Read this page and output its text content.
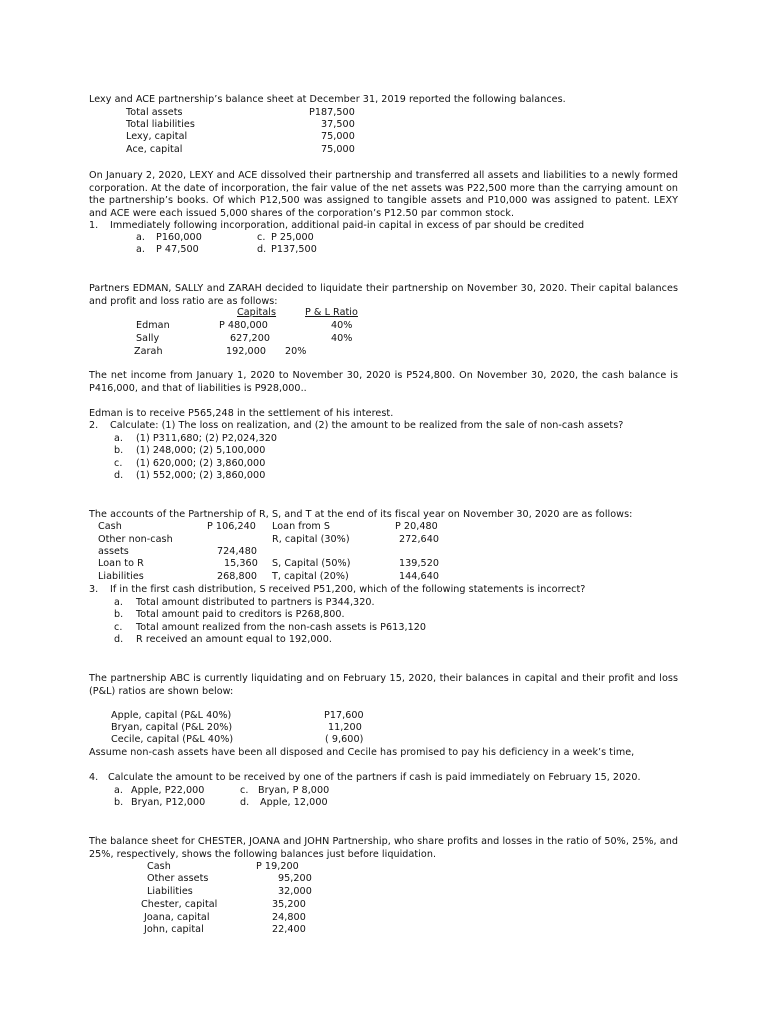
Lexy and ACE partnership’s balance sheet at December 31, 2019 reported the following balances.
Total assets	P187,500
Total liabilities	37,500
Lexy, capital	75,000
Ace, capital	75,000
On January 2, 2020, LEXY and ACE dissolved their partnership and transferred all assets and liabilities to a newly formed corporation. At the date of incorporation, the fair value of the net assets was P22,500 more than the carrying amount on the partnership’s books. Of which P12,500 was assigned to tangible assets and P10,000 was assigned to patent. LEXY and ACE were each issued 5,000 shares of the corporation’s P12.50 par common stock.
1. Immediately following incorporation, additional paid-in capital in excess of par should be credited
a. P160,000	c. P 25,000
a. P 47,500	d. P137,500
Partners EDMAN, SALLY and ZARAH decided to liquidate their partnership on November 30, 2020. Their capital balances and profit and loss ratio are as follows:
Capitals	P & L Ratio
Edman	P 480,000	40%
Sally	627,200	40%
Zarah	192,000 20%
The net income from January 1, 2020 to November 30, 2020 is P524,800. On November 30, 2020, the cash balance is P416,000, and that of liabilities is P928,000..
Edman is to receive P565,248 in the settlement of his interest.
2. Calculate: (1) The loss on realization, and (2) the amount to be realized from the sale of non-cash assets?
a. (1) P311,680; (2) P2,024,320
b. (1) 248,000; (2) 5,100,000
c. (1) 620,000; (2) 3,860,000
d. (1) 552,000; (2) 3,860,000
The accounts of the Partnership of R, S, and T at the end of its fiscal year on November 30, 2020 are as follows:
Cash	P 106,240
Other non-cash
assets	724,480
Loan to R	15,360
Liabilities	268,800
Loan from S	P 20,480
R, capital (30%)	272,640
S, Capital (50%)	139,520
T, capital (20%)	144,640
3. If in the first cash distribution, S received P51,200, which of the following statements is incorrect?
a. Total amount distributed to partners is P344,320.
b. Total amount paid to creditors is P268,800.
c. Total amount realized from the non-cash assets is P613,120
d. R received an amount equal to 192,000.
The partnership ABC is currently liquidating and on February 15, 2020, their balances in capital and their profit and loss (P&L) ratios are shown below:
Apple, capital (P&L 40%)	P17,600
Bryan, capital (P&L 20%)	11,200
Cecile, capital (P&L 40%)	( 9,600)
Assume non-cash assets have been all disposed and Cecile has promised to pay his deficiency in a week’s time,
4. Calculate the amount to be received by one of the partners if cash is paid immediately on February 15, 2020.
a. Apple, P22,000	c. Bryan, P 8,000
b. Bryan, P12,000	d. Apple, 12,000
The balance sheet for CHESTER, JOANA and JOHN Partnership, who share profits and losses in the ratio of 50%, 25%, and 25%, respectively, shows the following balances just before liquidation.
Cash	P 19,200
Other assets	95,200
Liabilities	32,000
Chester, capital	35,200
Joana, capital	24,800
John, capital	22,400
